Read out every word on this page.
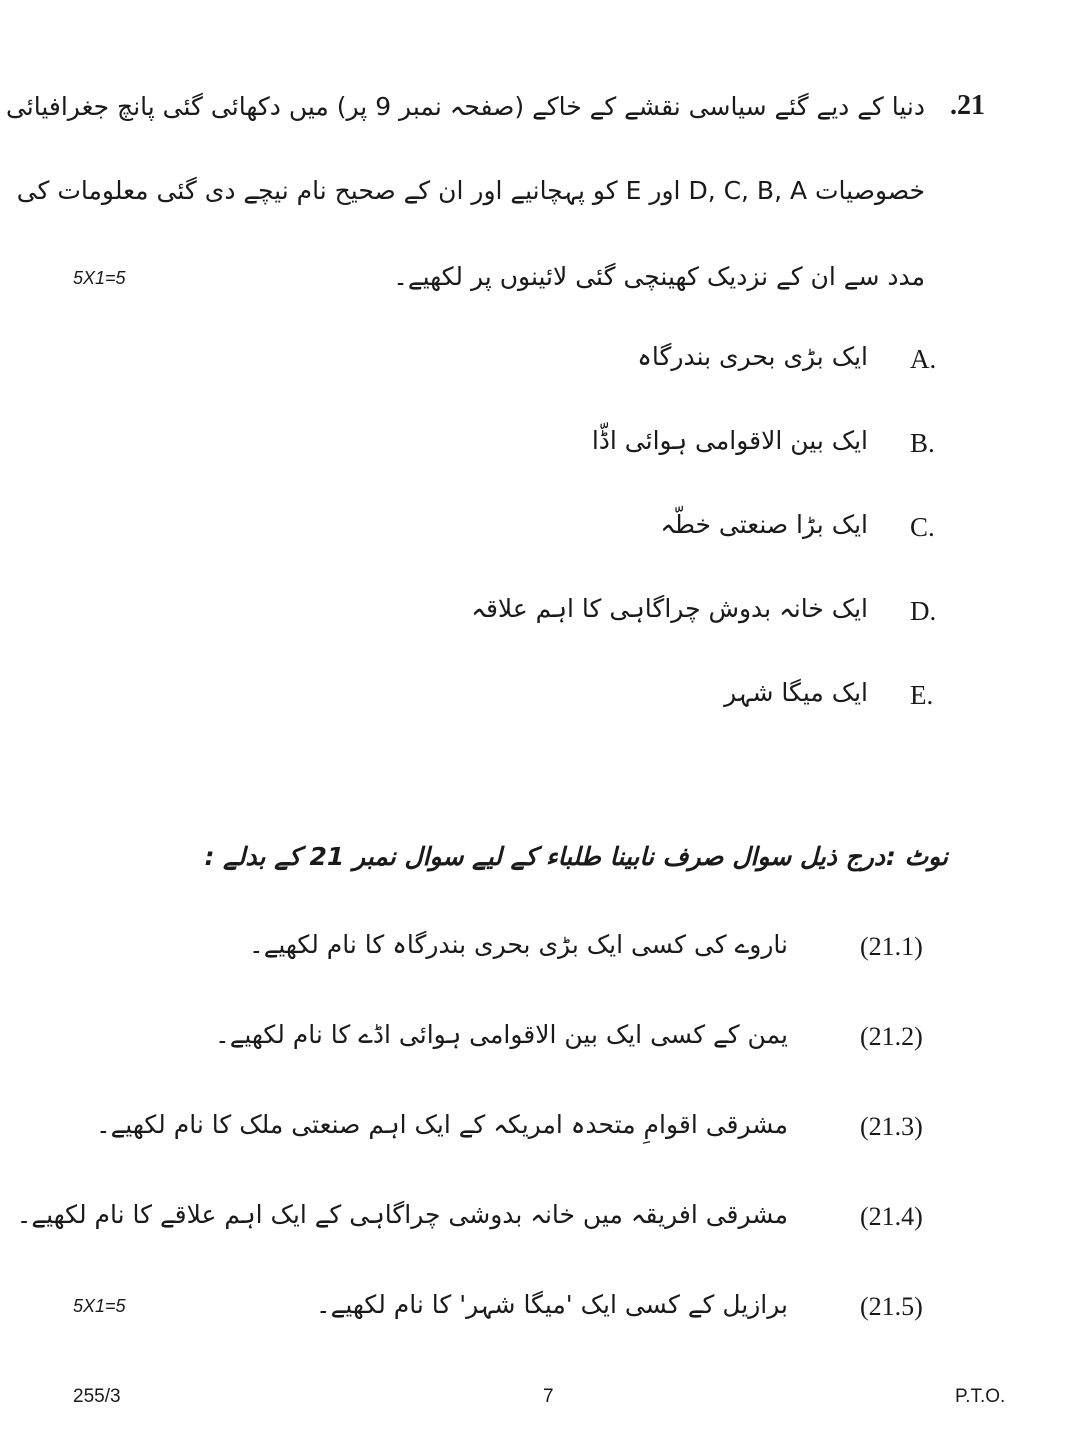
21.
دنیا کے دیے گئے سیاسی نقشے کے خاکے (صفحہ نمبر 9 پر) میں دکھائی گئی پانچ جغرافیائی
خصوصیات D, C, B, A اور E کو پہچانیے اور ان کے صحیح نام نیچے دی گئی معلومات کی
مدد سے ان کے نزدیک کھینچی گئی لائینوں پر لکھیے۔
5X1=5
A.
ایک بڑی بحری بندرگاہ
B.
ایک بین الاقوامی ہوائی اڈّا
C.
ایک بڑا صنعتی خطّہ
D.
ایک خانہ بدوش چراگاہی کا اہم علاقہ
E.
ایک میگا شہر
نوٹ :
درج ذیل سوال صرف نابینا طلباء کے لیے سوال نمبر 21 کے بدلے :
(21.1)
ناروے کی کسی ایک بڑی بحری بندرگاہ کا نام لکھیے۔
(21.2)
یمن کے کسی ایک بین الاقوامی ہوائی اڈے کا نام لکھیے۔
(21.3)
مشرقی اقوامِ متحدہ امریکہ کے ایک اہم صنعتی ملک کا نام لکھیے۔
(21.4)
مشرقی افریقہ میں خانہ بدوشی چراگاہی کے ایک اہم علاقے کا نام لکھیے۔
(21.5)
برازیل کے کسی ایک 'میگا شہر' کا نام لکھیے۔
5X1=5
255/3	7	P.T.O.
